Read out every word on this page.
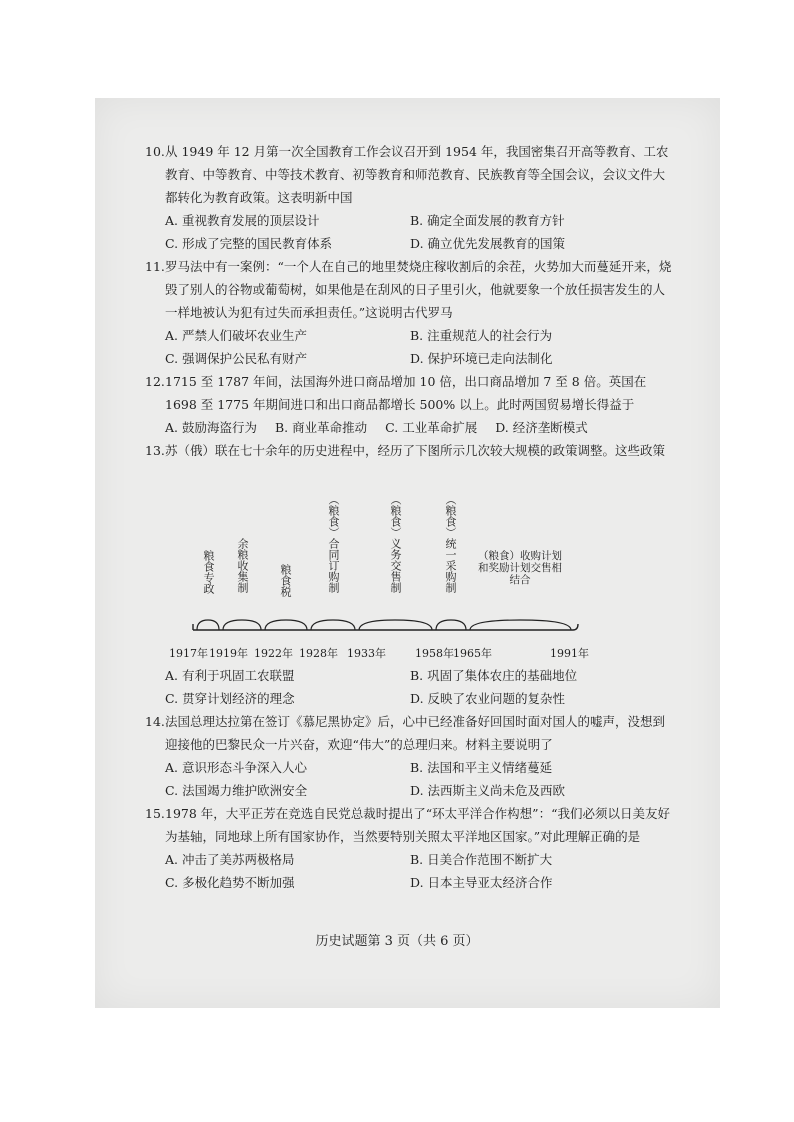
10. 从 1949 年 12 月第一次全国教育工作会议召开到 1954 年，我国密集召开高等教育、工农教育、中等教育、中等技术教育、初等教育和师范教育、民族教育等全国会议，会议文件大都转化为教育政策。这表明新中国
A. 重视教育发展的顶层设计	B. 确定全面发展的教育方针
C. 形成了完整的国民教育体系	D. 确立优先发展教育的国策
11. 罗马法中有一案例：“一个人在自己的地里焚烧庄稼收割后的余茬，火势加大而蔓延开来，烧毁了别人的谷物或葡萄树，如果他是在刮风的日子里引火，他就要象一个放任损害发生的人一样地被认为犯有过失而承担责任。”这说明古代罗马
A. 严禁人们破坏农业生产	B. 注重规范人的社会行为
C. 强调保护公民私有财产	D. 保护环境已走向法制化
12. 1715 至 1787 年间，法国海外进口商品增加 10 倍，出口商品增加 7 至 8 倍。英国在 1698 至 1775 年期间进口和出口商品都增长 500% 以上。此时两国贸易增长得益于
A. 鼓励海盗行为 B. 商业革命推动 C. 工业革命扩展 D. 经济垄断模式
13. 苏（俄）联在七十余年的历史进程中，经历了下图所示几次较大规模的政策调整。这些政策
粮食专政 余粮收集制	粮食税	（粮食）合同订购制	（粮食）义务交售制	（粮食）统一采购制 （粮食）收购计划和奖励计划交售相结合
1917年 1919年 1922年 1928年 1933年	1958年 1965年	1991年
A. 有利于巩固工农联盟	B. 巩固了集体农庄的基础地位
C. 贯穿计划经济的理念	D. 反映了农业问题的复杂性
14. 法国总理达拉第在签订《慕尼黑协定》后，心中已经准备好回国时面对国人的嘘声，没想到迎接他的巴黎民众一片兴奋，欢迎“伟大”的总理归来。材料主要说明了
A. 意识形态斗争深入人心	B. 法国和平主义情绪蔓延
C. 法国竭力维护欧洲安全	D. 法西斯主义尚未危及西欧
15. 1978 年，大平正芳在竞选自民党总裁时提出了“环太平洋合作构想”：“我们必须以日美友好为基轴，同地球上所有国家协作，当然要特别关照太平洋地区国家。”对此理解正确的是
A. 冲击了美苏两极格局	B. 日美合作范围不断扩大
C. 多极化趋势不断加强	D. 日本主导亚太经济合作
历史试题第 3 页（共 6 页）
